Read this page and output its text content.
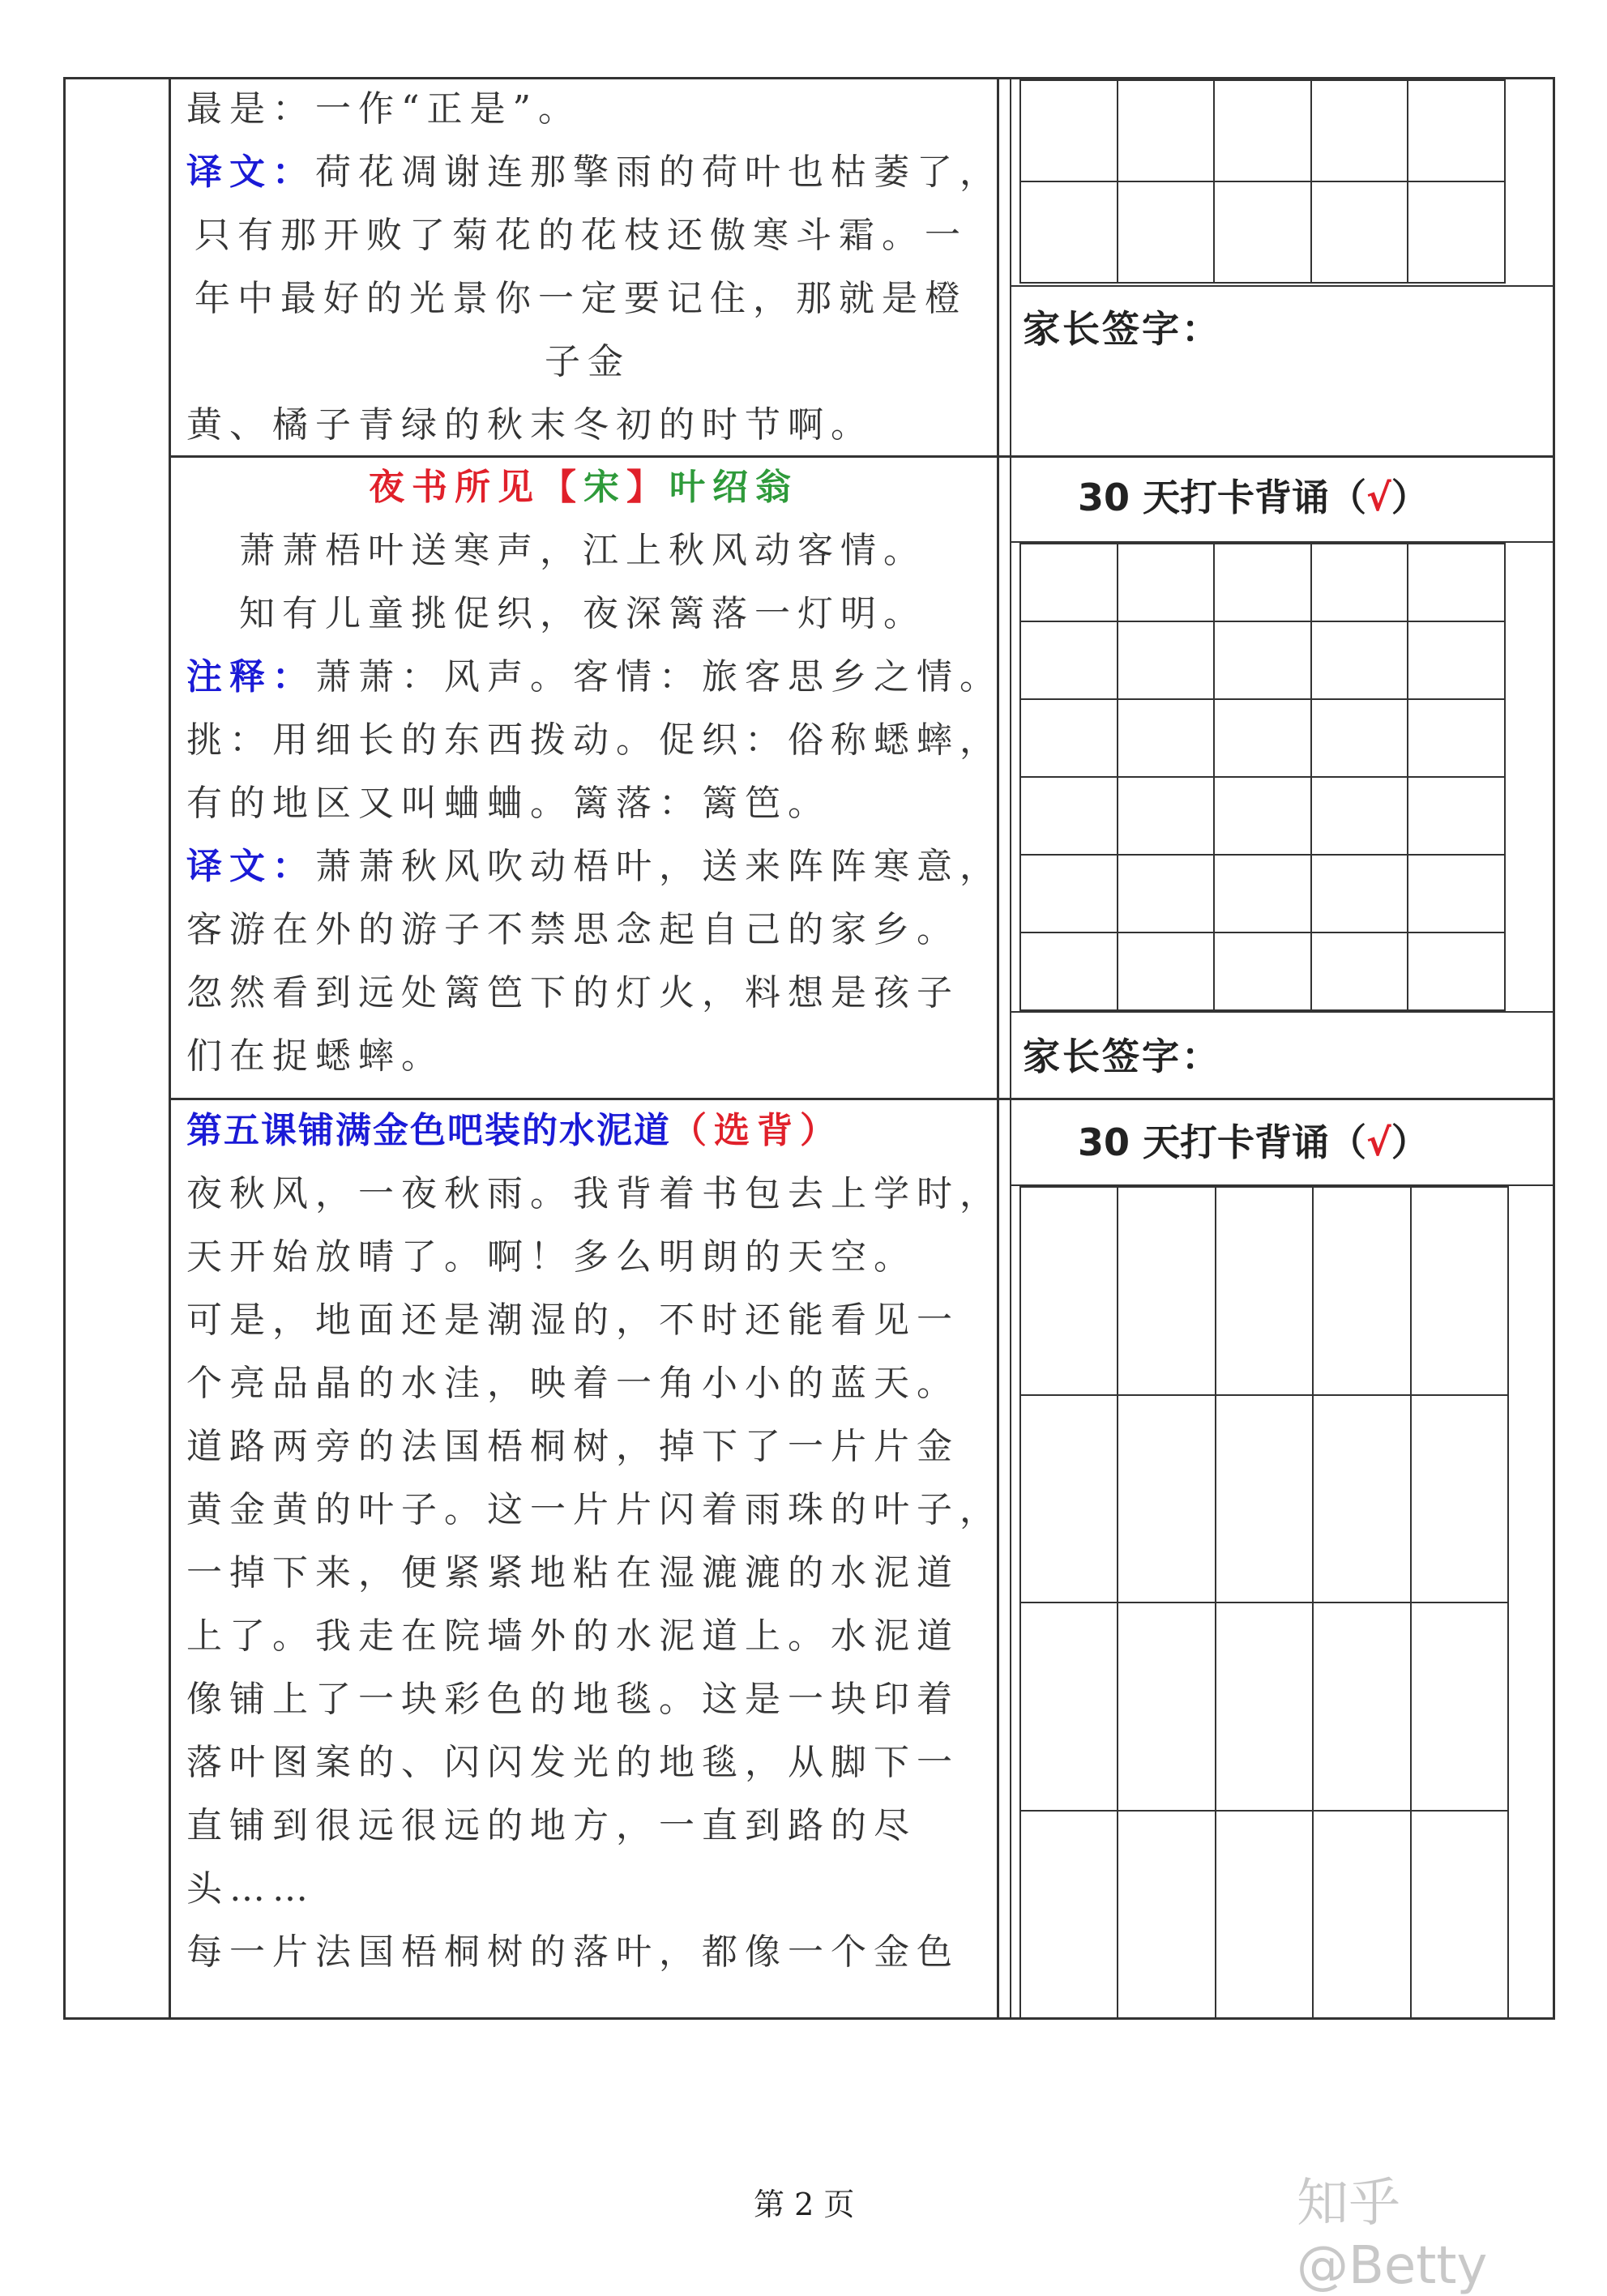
最是：一作“正是”。
译文：荷花凋谢连那擎雨的荷叶也枯萎了，
只有那开败了菊花的花枝还傲寒斗霜。一
年中最好的光景你一定要记住，那就是橙
子金
黄、橘子青绿的秋末冬初的时节啊。
夜书所见【宋】叶绍翁
萧萧梧叶送寒声，江上秋风动客情。
知有儿童挑促织，夜深篱落一灯明。
注释：萧萧：风声。客情：旅客思乡之情。
挑：用细长的东西拨动。促织：俗称蟋蟀，
有的地区又叫蛐蛐。篱落：篱笆。
译文：萧萧秋风吹动梧叶，送来阵阵寒意，
客游在外的游子不禁思念起自己的家乡。
忽然看到远处篱笆下的灯火，料想是孩子
们在捉蟋蟀。
第五课铺满金色吧装的水泥道（选背）
夜秋风，一夜秋雨。我背着书包去上学时，
天开始放晴了。啊！多么明朗的天空。
可是，地面还是潮湿的，不时还能看见一
个亮品晶的水洼，映着一角小小的蓝天。
道路两旁的法国梧桐树，掉下了一片片金
黄金黄的叶子。这一片片闪着雨珠的叶子，
一掉下来，便紧紧地粘在湿漉漉的水泥道
上了。我走在院墙外的水泥道上。水泥道
像铺上了一块彩色的地毯。这是一块印着
落叶图案的、闪闪发光的地毯，从脚下一
直铺到很远很远的地方，一直到路的尽
头……
每一片法国梧桐树的落叶，都像一个金色
家长签字：
30 天打卡背诵（√）
家长签字：
30 天打卡背诵（√）
第 2 页	知乎 @Betty
